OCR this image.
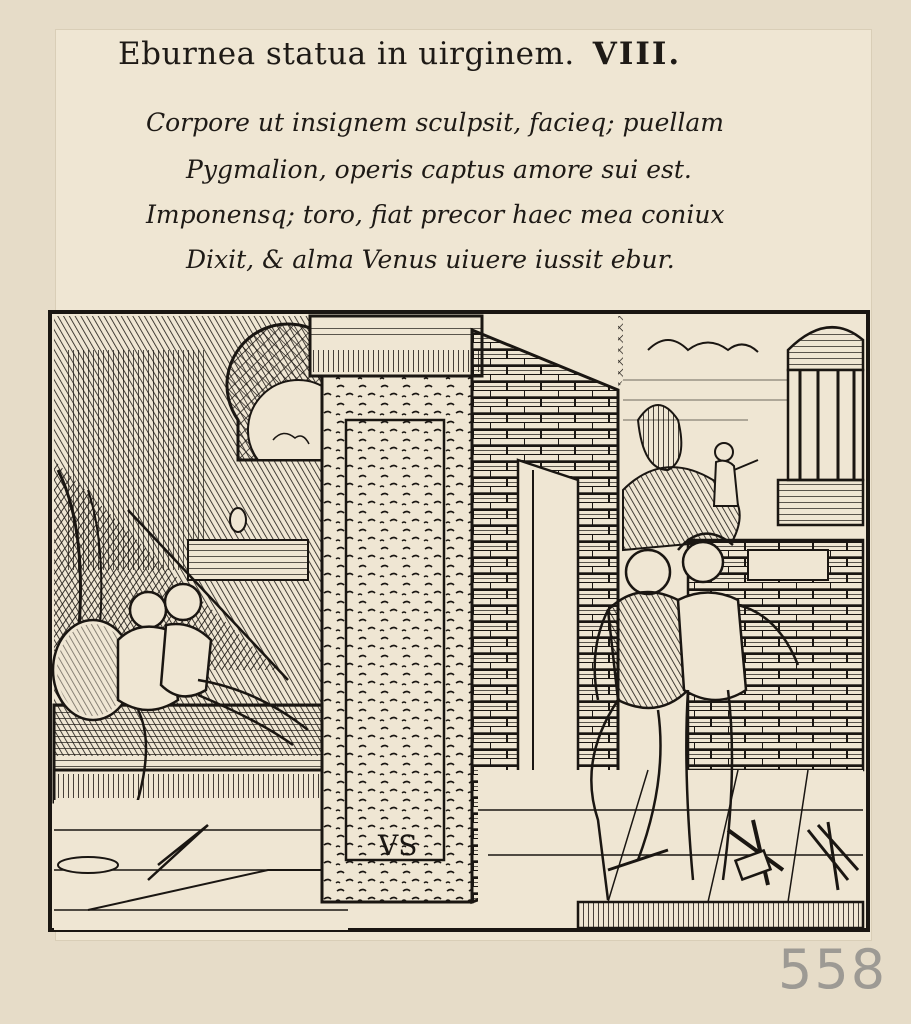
Eburnea statua in uirginem. VIII.
Corpore ut insignem sculpsit, facieq; puellam
Pygmalion, operis captus amore sui est.
Imponensq; toro, fiat precor haec mea coniux
Dixit, & alma Venus uiuere iussit ebur.
VS
558
